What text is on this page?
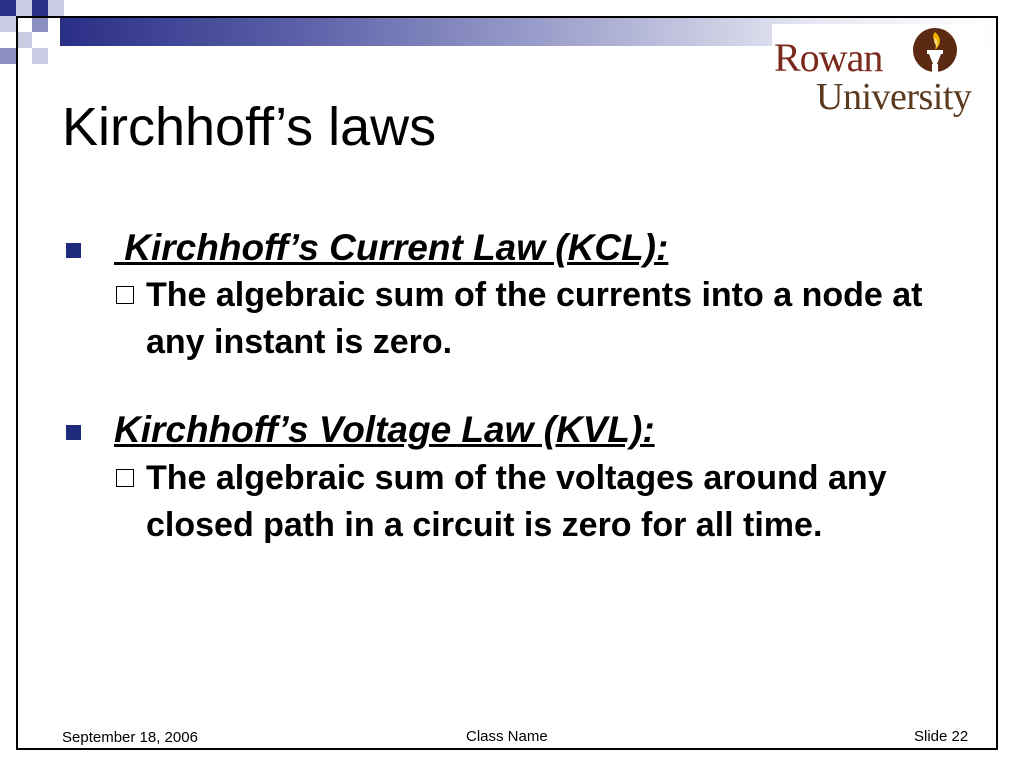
Rowan
University
Kirchhoff’s laws
Kirchhoff’s Current Law (KCL):
The algebraic sum of the currents into a node at any instant is zero.
Kirchhoff’s Voltage Law (KVL):
The algebraic sum of the voltages around any closed path in a circuit is zero for all time.
September 18, 2006	Class Name	Slide 22
